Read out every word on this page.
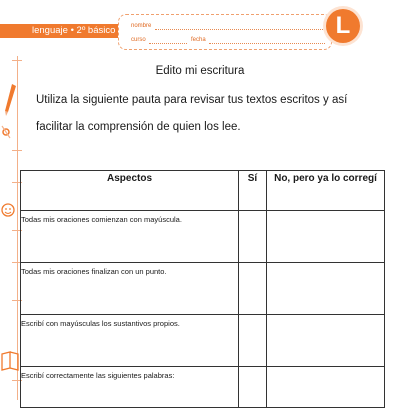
lenguaje • 2º básico	nombre
curso	fecha
L
Edito mi escritura
Utiliza la siguiente pauta para revisar tus textos escritos y así
facilitar la comprensión de quien los lee.
Aspectos	Sí	No, pero ya lo corregí
Todas mis oraciones comienzan con mayúscula.		
Todas mis oraciones finalizan con un punto.		
Escribí con mayúsculas los sustantivos propios.		
Escribí correctamente las siguientes palabras:		
